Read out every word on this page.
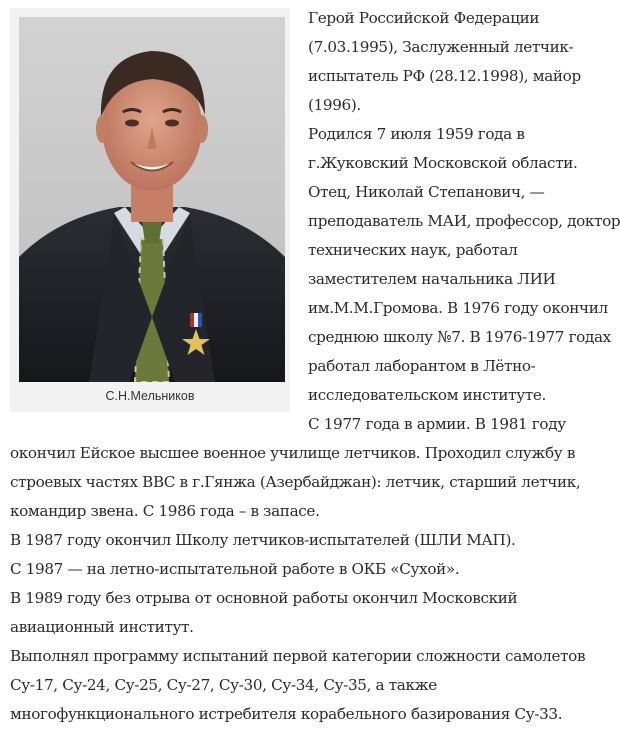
С.Н.Мельников

Герой Российской Федерации (7.03.1995), Заслуженный летчик-испытатель РФ (28.12.1998), майор (1996).

Родился 7 июля 1959 года в г.Жуковский Московской области. Отец, Николай Степанович, — преподаватель МАИ, профессор, доктор технических наук, работал заместителем начальника ЛИИ им.М.М.Громова. В 1976 году окончил среднюю школу №7. В 1976-1977 годах работал лаборантом в Лётно-исследовательском институте.

С 1977 года в армии. В 1981 году окончил Ейское высшее военное училище летчиков. Проходил службу в строевых частях ВВС в г.Гянжа (Азербайджан): летчик, старший летчик, командир звена. С 1986 года – в запасе.

В 1987 году окончил Школу летчиков-испытателей (ШЛИ МАП).

С 1987 — на летно-испытательной работе в ОКБ «Сухой».

В 1989 году без отрыва от основной работы окончил Московский авиационный институт.

Выполнял программу испытаний первой категории сложности самолетов Су-17, Су-24, Су-25, Су-27, Су-30, Су-34, Су-35, а также многофункционального истребителя корабельного базирования Су-33.
